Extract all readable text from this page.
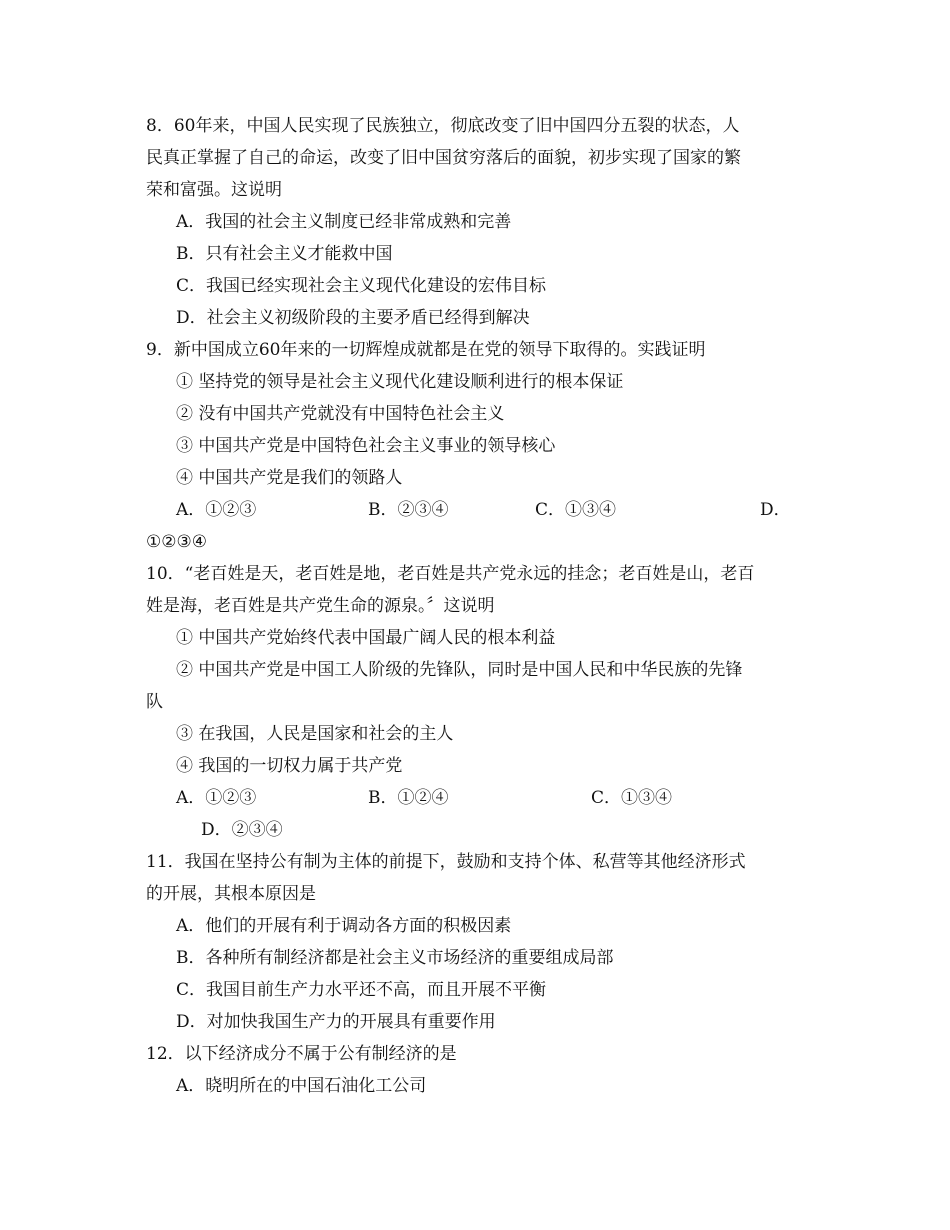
8．60年来，中国人民实现了民族独立，彻底改变了旧中国四分五裂的状态，人
民真正掌握了自己的命运，改变了旧中国贫穷落后的面貌，初步实现了国家的繁
荣和富强。这说明
A．我国的社会主义制度已经非常成熟和完善
B．只有社会主义才能救中国
C．我国已经实现社会主义现代化建设的宏伟目标
D．社会主义初级阶段的主要矛盾已经得到解决
9．新中国成立60年来的一切辉煌成就都是在党的领导下取得的。实践证明
① 坚持党的领导是社会主义现代化建设顺利进行的根本保证
② 没有中国共产党就没有中国特色社会主义
③ 中国共产党是中国特色社会主义事业的领导核心
④ 中国共产党是我们的领路人
A．①②③	B．②③④	C．①③④	D．
①②③④
10．“老百姓是天，老百姓是地，老百姓是共产党永远的挂念；老百姓是山，老百
姓是海，老百姓是共产党生命的源泉。〞这说明
① 中国共产党始终代表中国最广阔人民的根本利益
② 中国共产党是中国工人阶级的先锋队，同时是中国人民和中华民族的先锋
队
③ 在我国，人民是国家和社会的主人
④ 我国的一切权力属于共产党
A．①②③	B．①②④	C．①③④
D．②③④
11．我国在坚持公有制为主体的前提下，鼓励和支持个体、私营等其他经济形式
的开展，其根本原因是
A．他们的开展有利于调动各方面的积极因素
B．各种所有制经济都是社会主义市场经济的重要组成局部
C．我国目前生产力水平还不高，而且开展不平衡
D．对加快我国生产力的开展具有重要作用
12．以下经济成分不属于公有制经济的是
A．晓明所在的中国石油化工公司
